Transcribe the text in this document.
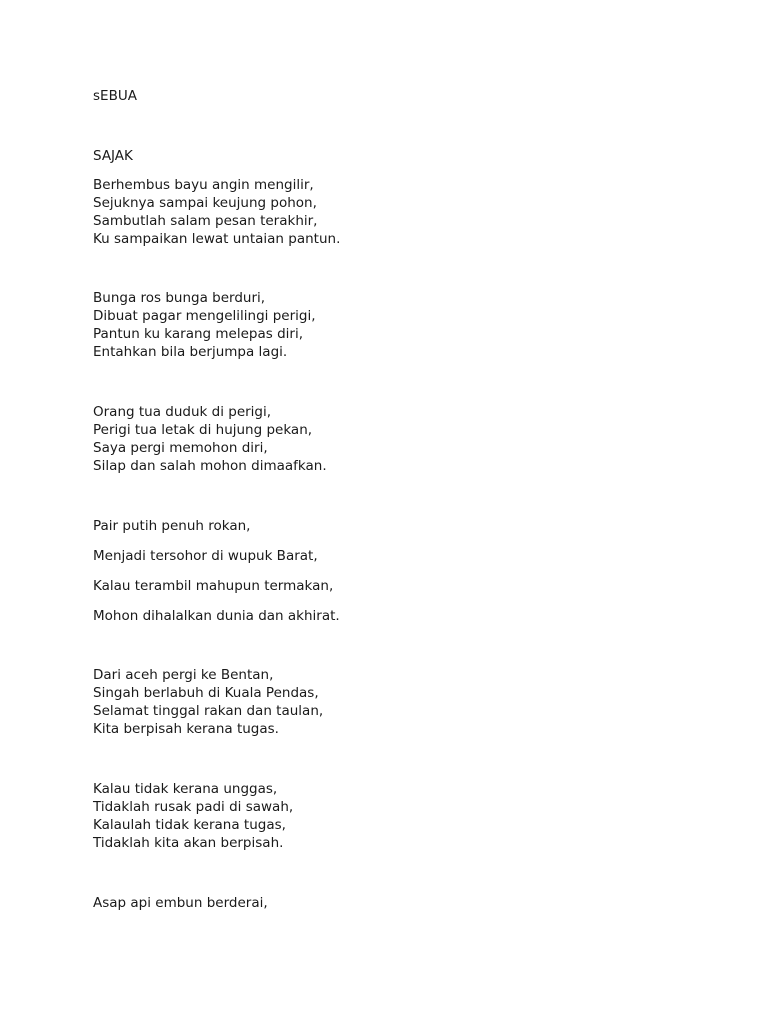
sEBUA
SAJAK
Berhembus bayu angin mengilir,
Sejuknya sampai keujung pohon,
Sambutlah salam pesan terakhir,
Ku sampaikan lewat untaian pantun.
Bunga ros bunga berduri,
Dibuat pagar mengelilingi perigi,
Pantun ku karang melepas diri,
Entahkan bila berjumpa lagi.
Orang tua duduk di perigi,
Perigi tua letak di hujung pekan,
Saya pergi memohon diri,
Silap dan salah mohon dimaafkan.
Pair putih penuh rokan,
Menjadi tersohor di wupuk Barat,
Kalau terambil mahupun termakan,
Mohon dihalalkan dunia dan akhirat.
Dari aceh pergi ke Bentan,
Singah berlabuh di Kuala Pendas,
Selamat tinggal rakan dan taulan,
Kita berpisah kerana tugas.
Kalau tidak kerana unggas,
Tidaklah rusak padi di sawah,
Kalaulah tidak kerana tugas,
Tidaklah kita akan berpisah.
Asap api embun berderai,
